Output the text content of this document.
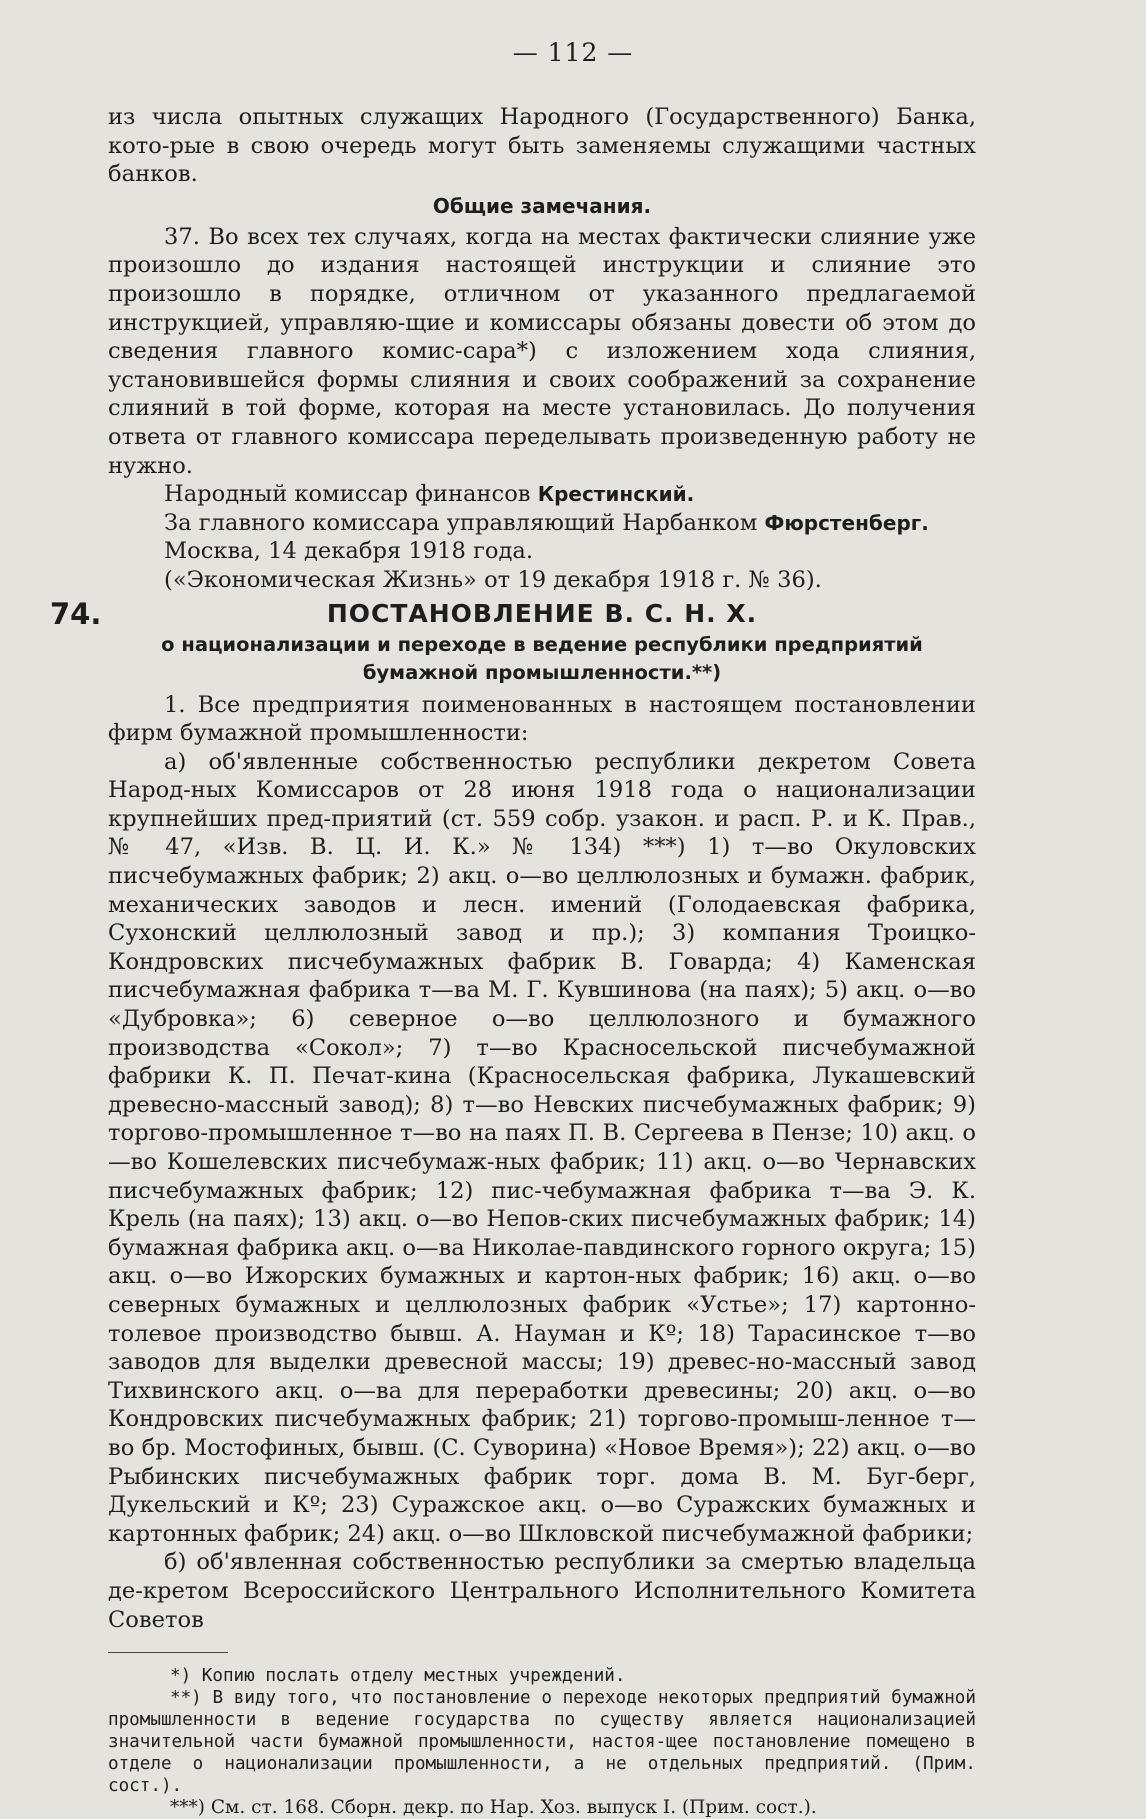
— 112 —

из числа опытных служащих Народного (Государственного) Банка, кото-рые в свою очередь могут быть заменяемы служащими частных банков.

Общие замечания.

37. Во всех тех случаях, когда на местах фактически слияние уже произошло до издания настоящей инструкции и слияние это произошло в порядке, отличном от указанного предлагаемой инструкцией, управляю-щие и комиссары обязаны довести об этом до сведения главного комис-сара*) с изложением хода слияния, установившейся формы слияния и своих соображений за сохранение слияний в той форме, которая на месте установилась. До получения ответа от главного комиссара переделывать произведенную работу не нужно.

Народный комиссар финансов Крестинский.

За главного комиссара управляющий Нарбанком Фюрстенберг.

Москва, 14 декабря 1918 года.

(«Экономическая Жизнь» от 19 декабря 1918 г. № 36).

74.	ПОСТАНОВЛЕНИЕ В. С. Н. Х.
о национализации и переходе в ведение республики предприятий бумажной промышленности.**)

1. Все предприятия поименованных в настоящем постановлении фирм бумажной промышленности:

а) об'явленные собственностью республики декретом Совета Народ-ных Комиссаров от 28 июня 1918 года о национализации крупнейших пред-приятий (ст. 559 собр. узакон. и расп. Р. и К. Прав., № 47, «Изв. В. Ц. И. К.» № 134) ***) 1) т—во Окуловских писчебумажных фабрик; 2) акц. о—во целлюлозных и бумажн. фабрик, механических заводов и лесн. имений (Голодаевская фабрика, Сухонский целлюлозный завод и пр.); 3) компания Троицко-Кондровских писчебумажных фабрик В. Говарда; 4) Каменская писчебумажная фабрика т—ва М. Г. Кувшинова (на паях); 5) акц. о—во «Дубровка»; 6) северное о—во целлюлозного и бумажного производства «Сокол»; 7) т—во Красносельской писчебумажной фабрики К. П. Печат-кина (Красносельская фабрика, Лукашевский древесно-массный завод); 8) т—во Невских писчебумажных фабрик; 9) торгово-промышленное т—во на паях П. В. Сергеева в Пензе; 10) акц. о—во Кошелевских писчебумаж-ных фабрик; 11) акц. о—во Чернавских писчебумажных фабрик; 12) пис-чебумажная фабрика т—ва Э. К. Крель (на паях); 13) акц. о—во Непов-ских писчебумажных фабрик; 14) бумажная фабрика акц. о—ва Николае-павдинского горного округа; 15) акц. о—во Ижорских бумажных и картон-ных фабрик; 16) акц. о—во северных бумажных и целлюлозных фабрик «Устье»; 17) картонно-толевое производство бывш. А. Науман и Кº; 18) Тарасинское т—во заводов для выделки древесной массы; 19) древес-но-массный завод Тихвинского акц. о—ва для переработки древесины; 20) акц. о—во Кондровских писчебумажных фабрик; 21) торгово-промыш-ленное т—во бр. Мостофиных, бывш. (С. Суворина) «Новое Время»); 22) акц. о—во Рыбинских писчебумажных фабрик торг. дома В. М. Буг-берг, Дукельский и Кº; 23) Суражское акц. о—во Суражских бумажных и картонных фабрик; 24) акц. о—во Шкловской писчебумажной фабрики;

б) об'явленная собственностью республики за смертью владельца де-кретом Всероссийского Центрального Исполнительного Комитета Советов

*) Копию послать отделу местных учреждений.

**) В виду того, что постановление о переходе некоторых предприятий бумажной промышленности в ведение государства по существу является национализацией значительной части бумажной промышленности, настоя-щее постановление помещено в отделе о национализации промышленности, а не отдельных предприятий. (Прим. сост.).

***) См. ст. 168. Сборн. декр. по Нар. Хоз. выпуск I. (Прим. сост.).
